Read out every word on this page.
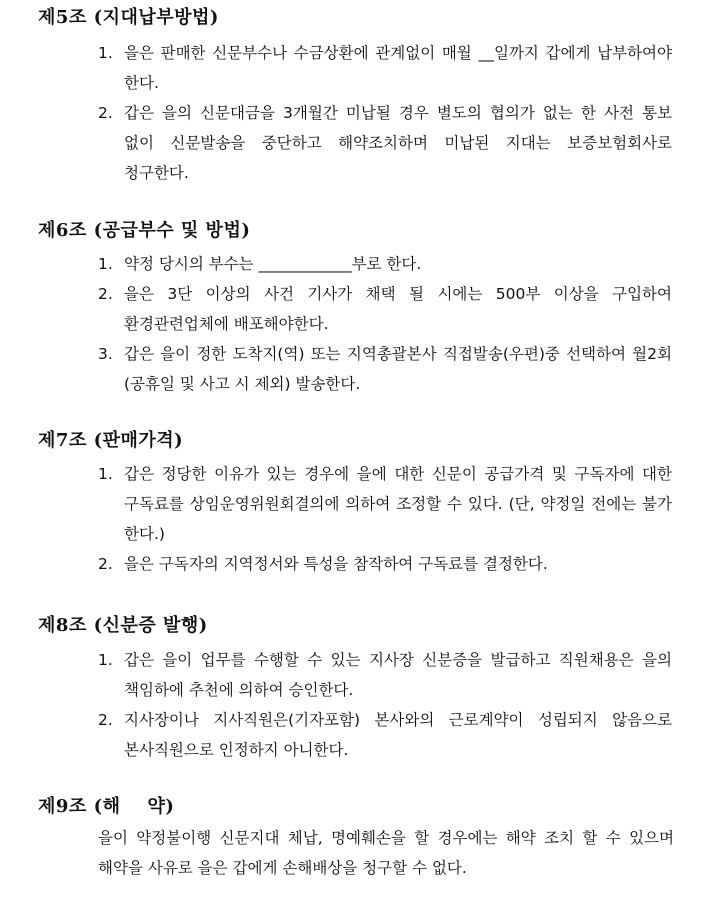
제5조 (지대납부방법)
1. 을은 판매한 신문부수나 수금상환에 관계없이 매월 __일까지 갑에게 납부하여야 한다.
2. 갑은 을의 신문대금을 3개월간 미납될 경우 별도의 협의가 없는 한 사전 통보 없이 신문발송을 중단하고 해약조치하며 미납된 지대는 보증보험회사로 청구한다.
제6조 (공급부수 및 방법)
1. 약정 당시의 부수는 ____________부로 한다.
2. 을은 3단 이상의 사건 기사가 채택 될 시에는 500부 이상을 구입하여 환경관련업체에 배포해야한다.
3. 갑은 을이 정한 도착지(역) 또는 지역총괄본사 직접발송(우편)중 선택하여 월2회 (공휴일 및 사고 시 제외) 발송한다.
제7조 (판매가격)
1. 갑은 정당한 이유가 있는 경우에 을에 대한 신문이 공급가격 및 구독자에 대한 구독료를 상임운영위원회결의에 의하여 조정할 수 있다. (단, 약정일 전에는 불가 한다.)
2. 을은 구독자의 지역정서와 특성을 참작하여 구독료를 결정한다.
제8조 (신분증 발행)
1. 갑은 을이 업무를 수행할 수 있는 지사장 신분증을 발급하고 직원채용은 을의 책임하에 추천에 의하여 승인한다.
2. 지사장이나 지사직원은(기자포함) 본사와의 근로계약이 성립되지 않음으로 본사직원으로 인정하지 아니한다.
제9조 (해    약)
을이 약정불이행 신문지대 체납, 명예훼손을 할 경우에는 해약 조치 할 수 있으며 해약을 사유로 을은 갑에게 손해배상을 청구할 수 없다.
